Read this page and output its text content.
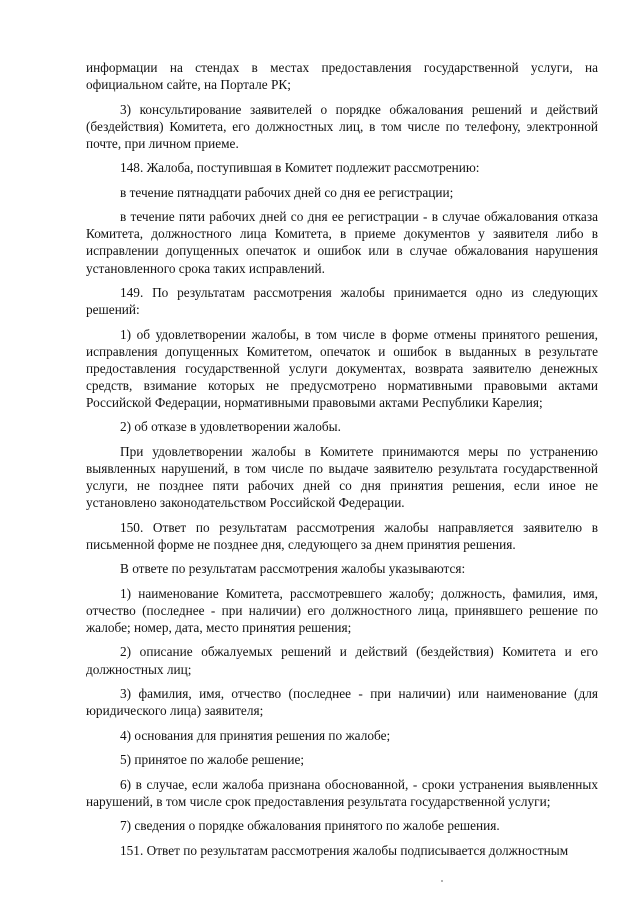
информации на стендах в местах предоставления государственной услуги, на официальном сайте, на Портале РК;

3) консультирование заявителей о порядке обжалования решений и действий (бездействия) Комитета, его должностных лиц, в том числе по телефону, электронной почте, при личном приеме.

148. Жалоба, поступившая в Комитет подлежит рассмотрению:

в течение пятнадцати рабочих дней со дня ее регистрации;

в течение пяти рабочих дней со дня ее регистрации - в случае обжалования отказа Комитета, должностного лица Комитета, в приеме документов у заявителя либо в исправлении допущенных опечаток и ошибок или в случае обжалования нарушения установленного срока таких исправлений.

149. По результатам рассмотрения жалобы принимается одно из следующих решений:

1) об удовлетворении жалобы, в том числе в форме отмены принятого решения, исправления допущенных Комитетом, опечаток и ошибок в выданных в результате предоставления государственной услуги документах, возврата заявителю денежных средств, взимание которых не предусмотрено нормативными правовыми актами Российской Федерации, нормативными правовыми актами Республики Карелия;

2) об отказе в удовлетворении жалобы.

При удовлетворении жалобы в Комитете принимаются меры по устранению выявленных нарушений, в том числе по выдаче заявителю результата государственной услуги, не позднее пяти рабочих дней со дня принятия решения, если иное не установлено законодательством Российской Федерации.

150. Ответ по результатам рассмотрения жалобы направляется заявителю в письменной форме не позднее дня, следующего за днем принятия решения.

В ответе по результатам рассмотрения жалобы указываются:

1) наименование Комитета, рассмотревшего жалобу; должность, фамилия, имя, отчество (последнее - при наличии) его должностного лица, принявшего решение по жалобе; номер, дата, место принятия решения;

2) описание обжалуемых решений и действий (бездействия) Комитета и его должностных лиц;

3) фамилия, имя, отчество (последнее - при наличии) или наименование (для юридического лица) заявителя;

4) основания для принятия решения по жалобе;

5) принятое по жалобе решение;

6) в случае, если жалоба признана обоснованной, - сроки устранения выявленных нарушений, в том числе срок предоставления результата государственной услуги;

7) сведения о порядке обжалования принятого по жалобе решения.

151. Ответ по результатам рассмотрения жалобы подписывается должностным
